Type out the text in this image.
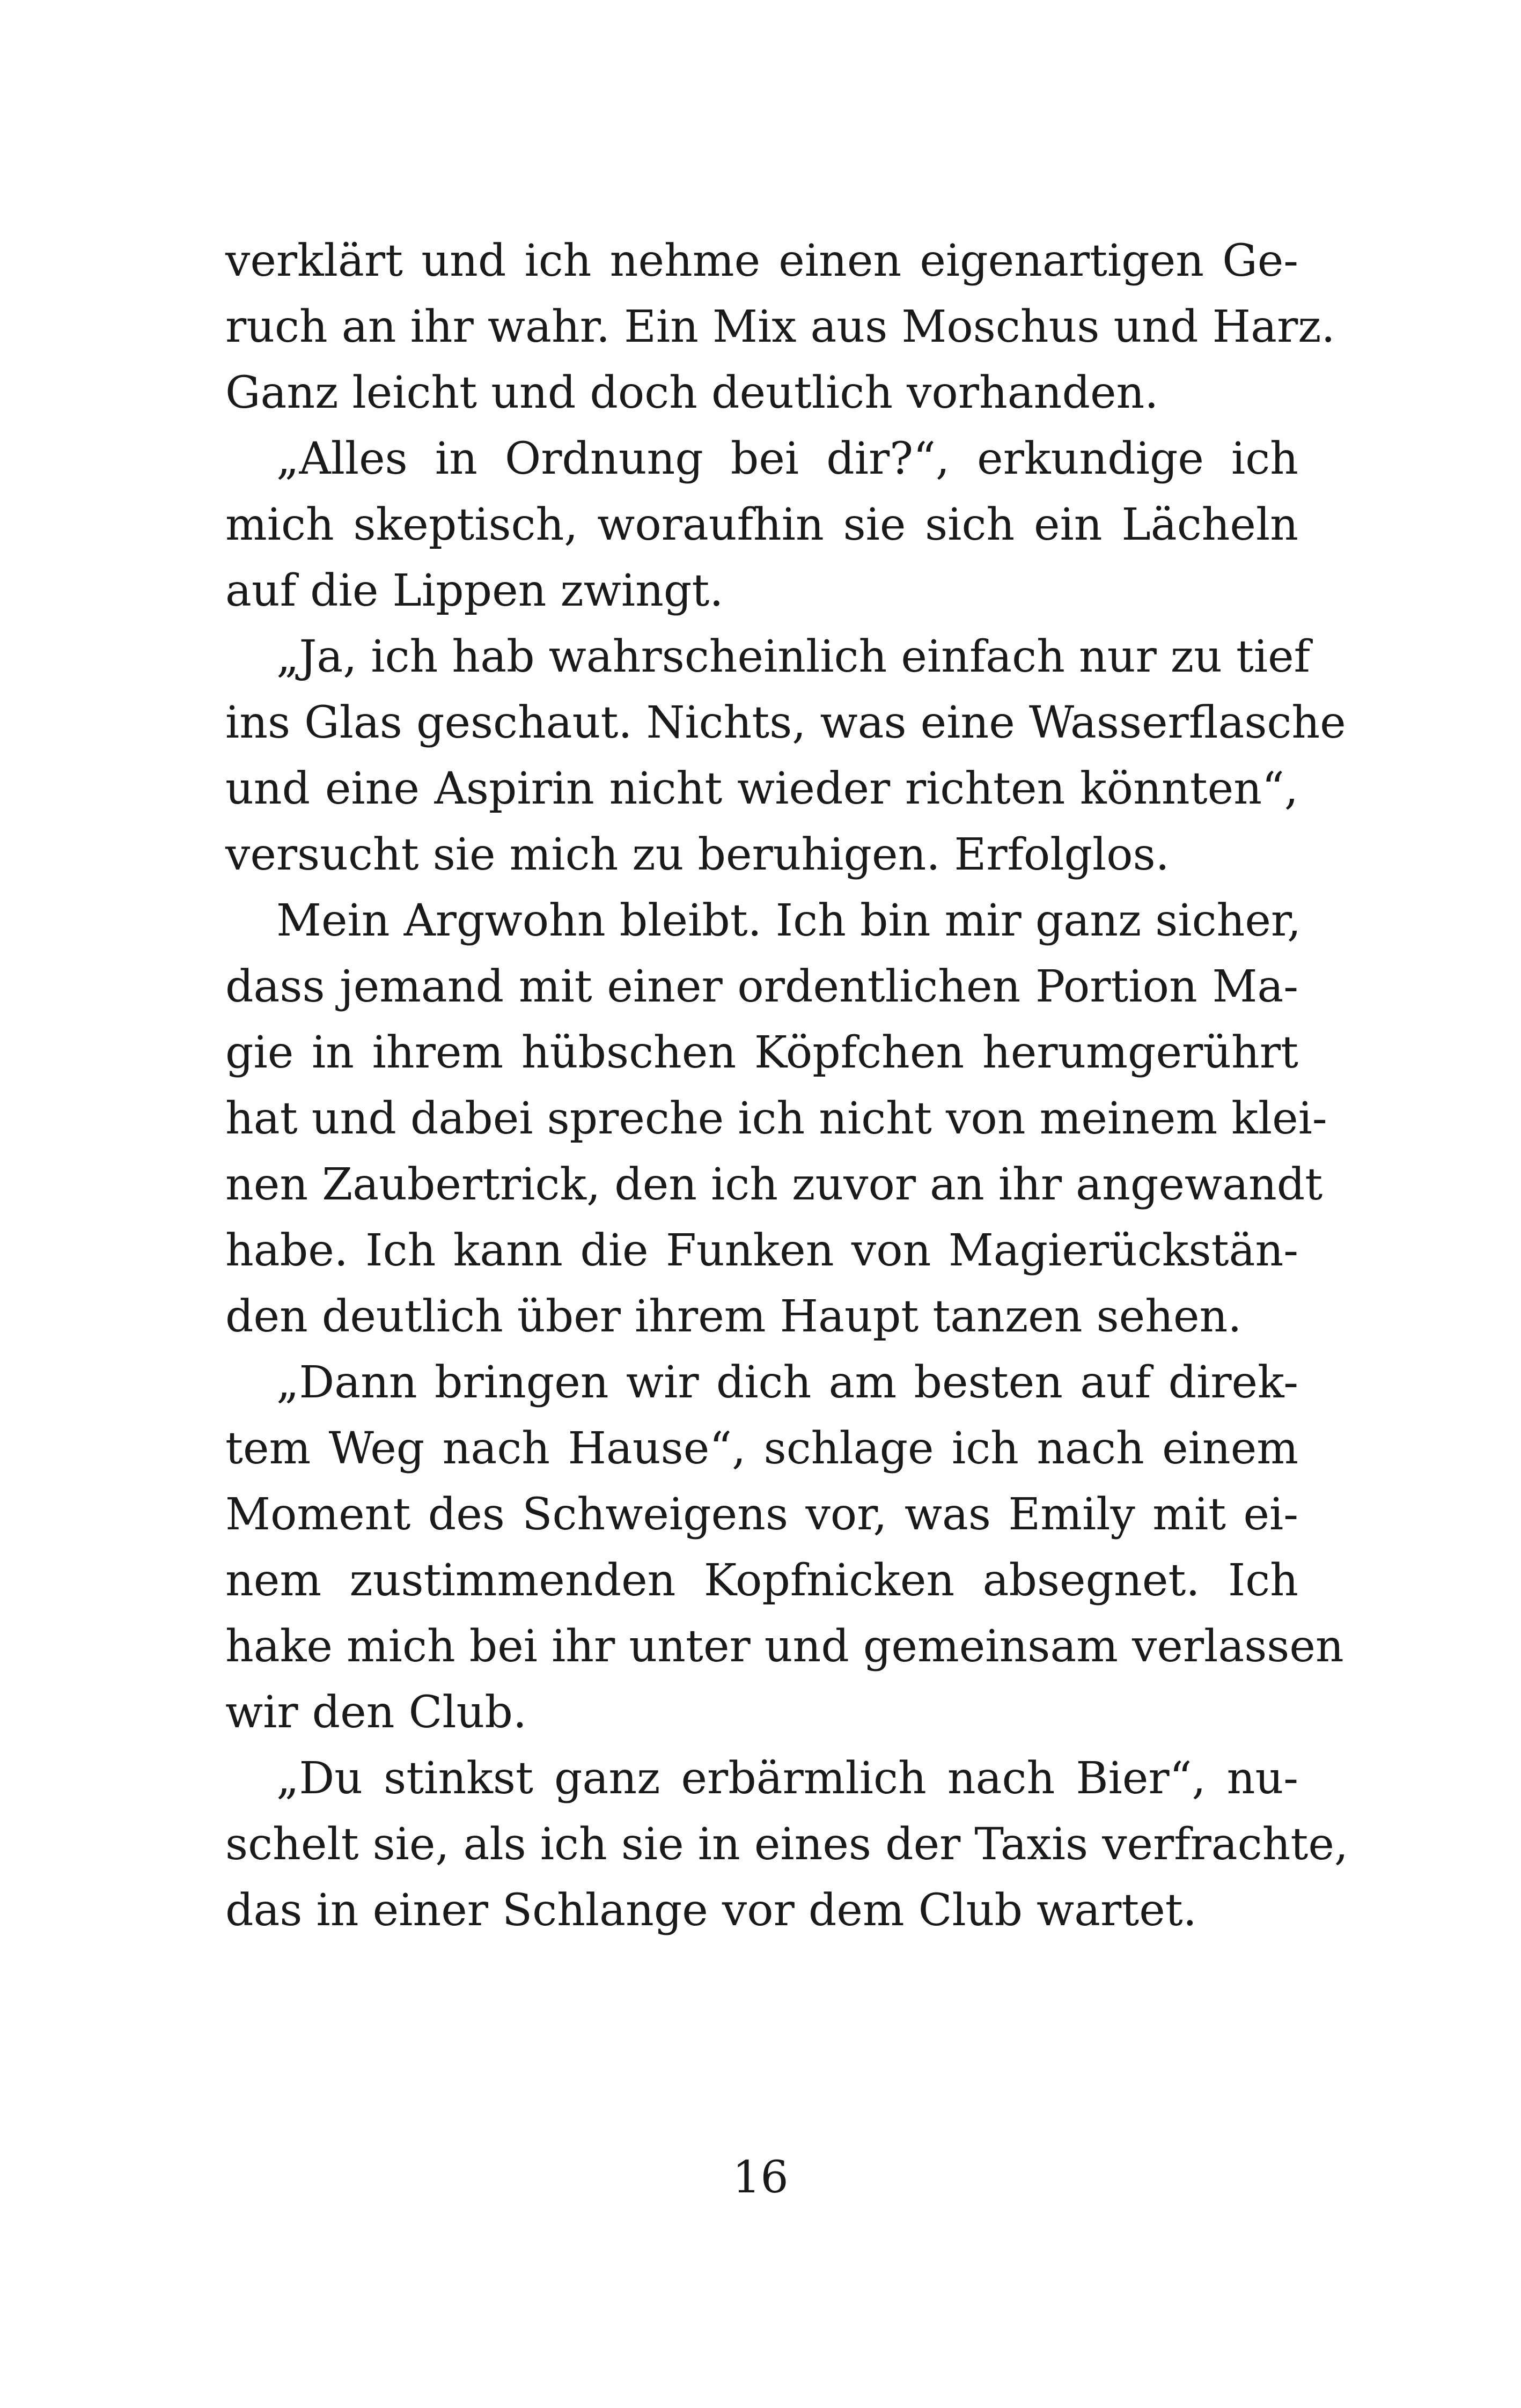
verklärt und ich nehme einen eigenartigen Ge-
ruch an ihr wahr. Ein Mix aus Moschus und Harz.
Ganz leicht und doch deutlich vorhanden.
„Alles in Ordnung bei dir?“, erkundige ich
mich skeptisch, woraufhin sie sich ein Lächeln
auf die Lippen zwingt.
„Ja, ich hab wahrscheinlich einfach nur zu tief
ins Glas geschaut. Nichts, was eine Wasserflasche
und eine Aspirin nicht wieder richten könnten“,
versucht sie mich zu beruhigen. Erfolglos.
Mein Argwohn bleibt. Ich bin mir ganz sicher,
dass jemand mit einer ordentlichen Portion Ma-
gie in ihrem hübschen Köpfchen herumgerührt
hat und dabei spreche ich nicht von meinem klei-
nen Zaubertrick, den ich zuvor an ihr angewandt
habe. Ich kann die Funken von Magierückstän-
den deutlich über ihrem Haupt tanzen sehen.
„Dann bringen wir dich am besten auf direk-
tem Weg nach Hause“, schlage ich nach einem
Moment des Schweigens vor, was Emily mit ei-
nem zustimmenden Kopfnicken absegnet. Ich
hake mich bei ihr unter und gemeinsam verlassen
wir den Club.
„Du stinkst ganz erbärmlich nach Bier“, nu-
schelt sie, als ich sie in eines der Taxis verfrachte,
das in einer Schlange vor dem Club wartet.
16
